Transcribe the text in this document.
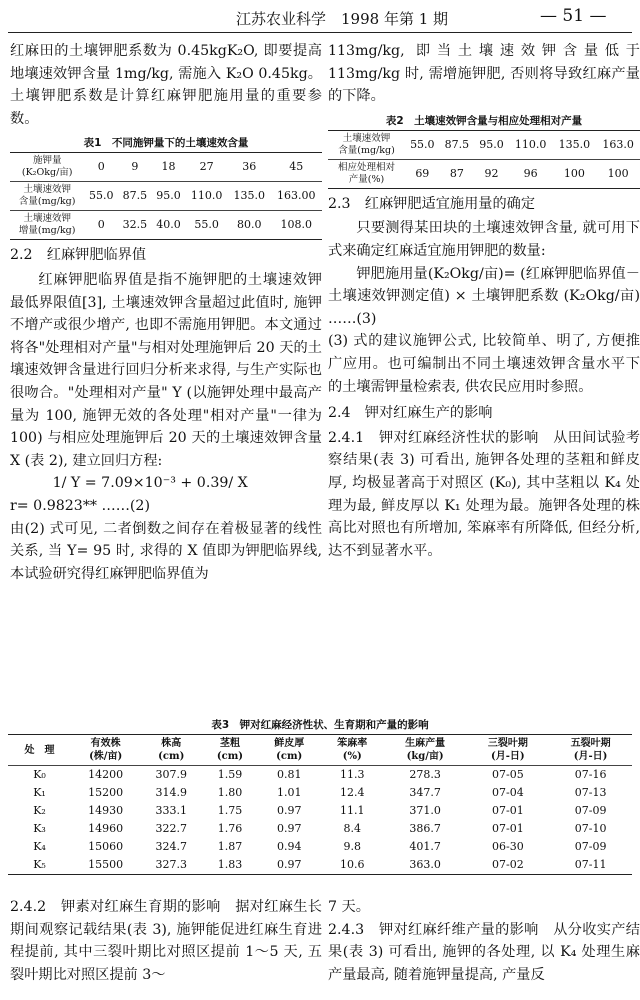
江苏农业科学　1998 年第 1 期	— 51 —

红麻田的土壤钾肥系数为 0.45kgK₂O, 即要提高地壤速效钾含量 1mg/kg, 需施入 K₂O 0.45kg。土壤钾肥系数是计算红麻钾肥施用量的重要参数。

表1　不同施钾量下的土壤速效含量
施钾量
(K₂Okg/亩)	0	9	18	27	36	45
土壤速效钾
含量(mg/kg)	55.0	87.5	95.0	110.0	135.0	163.00
土壤速效钾
增量(mg/kg)	0	32.5	40.0	55.0	80.0	108.0
2.2　红麻钾肥临界值

红麻钾肥临界值是指不施钾肥的土壤速效钾最低界限值[3], 土壤速效钾含量超过此值时, 施钾不增产或很少增产, 也即不需施用钾肥。本文通过将各"处理相对产量"与相对处理施钾后 20 天的土壤速效钾含量进行回归分析来求得, 与生产实际也很吻合。"处理相对产量" Y (以施钾处理中最高产量为 100, 施钾无效的各处理"相对产量"一律为 100) 与相应处理施钾后 20 天的土壤速效钾含量 X (表 2), 建立回归方程:

1/ Y = 7.09×10⁻³ + 0.39/ X

r= 0.9823** ……(2)

由(2) 式可见, 二者倒数之间存在着极显著的线性关系, 当 Y= 95 时, 求得的 X 值即为钾肥临界线, 本试验研究得红麻钾肥临界值为

113mg/kg, 即当土壤速效钾含量低于 113mg/kg 时, 需增施钾肥, 否则将导致红麻产量的下降。

表2　土壤速效钾含量与相应处理相对产量
土壤速效钾
含量(mg/kg)	55.0	87.5	95.0	110.0	135.0	163.0
相应处理相对
产量(%)	69	87	92	96	100	100
2.3　红麻钾肥适宜施用量的确定

只要测得某田块的土壤速效钾含量, 就可用下式来确定红麻适宜施用钾肥的数量:

钾肥施用量(K₂Okg/亩)= (红麻钾肥临界值－ 土壤速效钾测定值) × 土壤钾肥系数 (K₂Okg/亩) ……(3)

(3) 式的建议施钾公式, 比较简单、明了, 方便推广应用。也可编制出不同土壤速效钾含量水平下的土壤需钾量检索表, 供农民应用时参照。

2.4　钾对红麻生产的影响

2.4.1　钾对红麻经济性状的影响　从田间试验考察结果(表 3) 可看出, 施钾各处理的茎粗和鲜皮厚, 均极显著高于对照区 (K₀), 其中茎粗以 K₄ 处理为最, 鲜皮厚以 K₁ 处理为最。施钾各处理的株高比对照也有所增加, 笨麻率有所降低, 但经分析, 达不到显著水平。

表3　钾对红麻经济性状、生育期和产量的影响
处　理	有效株
(株/亩)	株高
(cm)	茎粗
(cm)	鲜皮厚
(cm)	笨麻率
(%)	生麻产量
(kg/亩)	三裂叶期
(月-日)	五裂叶期
(月-日)
K₀	14200	307.9	1.59	0.81	11.3	278.3	07-05	07-16
K₁	15200	314.9	1.80	1.01	12.4	347.7	07-04	07-13
K₂	14930	333.1	1.75	0.97	11.1	371.0	07-01	07-09
K₃	14960	322.7	1.76	0.97	8.4	386.7	07-01	07-10
K₄	15060	324.7	1.87	0.94	9.8	401.7	06-30	07-09
K₅	15500	327.3	1.83	0.97	10.6	363.0	07-02	07-11

2.4.2　钾素对红麻生育期的影响　据对红麻生长期间观察记载结果(表 3), 施钾能促进红麻生育进程提前, 其中三裂叶期比对照区提前 1～5 天, 五裂叶期比对照区提前 3～

7 天。
2.4.3　钾对红麻纤维产量的影响　从分收实产结果(表 3) 可看出, 施钾的各处理, 以 K₄ 处理生麻产量最高, 随着施钾量提高, 产量反
